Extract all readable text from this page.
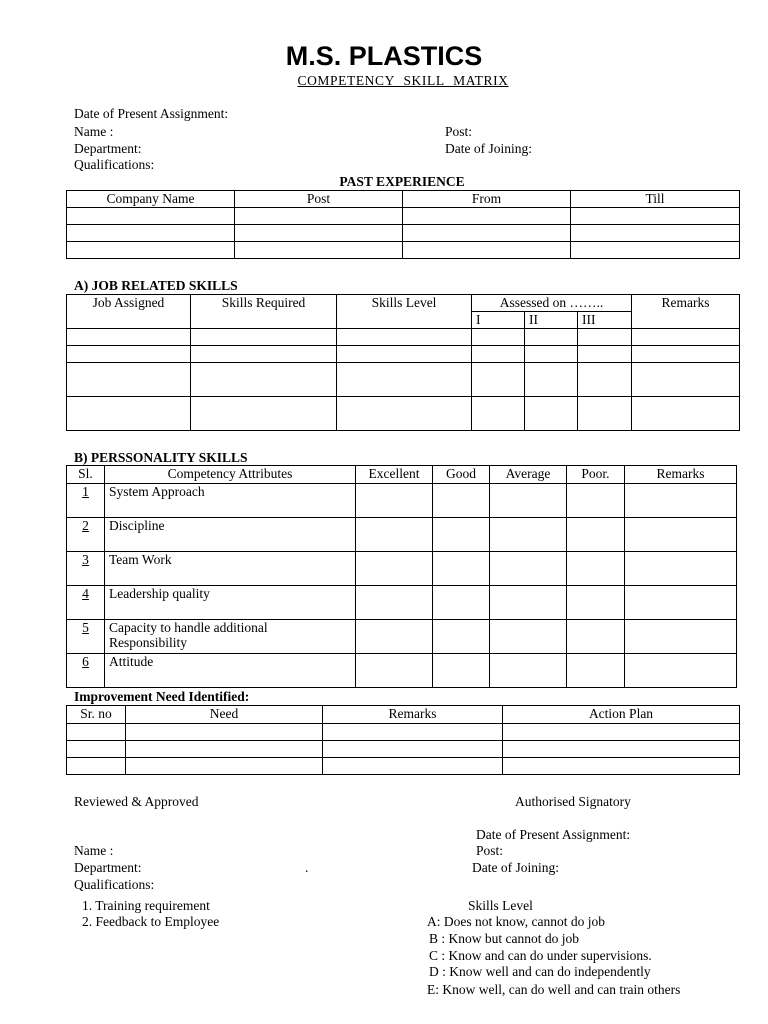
M.S. PLASTICS
COMPETENCY SKILL MATRIX
Date of Present Assignment:
Name :	Post:
Department:	Date of Joining:
Qualifications:
PAST EXPERIENCE
Company Name	Post	From	Till

A) JOB RELATED SKILLS
Job Assigned	Skills Required	Skills Level	Assessed on ……..			Remarks
			I	II	III	

B) PERSSONALITY SKILLS
Sl.	Competency Attributes	Excellent	Good	Average	Poor.	Remarks
1	System Approach					
2	Discipline					
3	Team Work					
4	Leadership quality					
5	Capacity to handle additional
Responsibility					
6	Attitude					
Improvement Need Identified:
Sr. no	Need	Remarks	Action Plan

Reviewed & Approved	Authorised Signatory
Date of Present Assignment:
Name :	Post:
Department:	.	Date of Joining:
Qualifications:
1. Training requirement
2. Feedback to Employee
Skills Level
A: Does not know, cannot do job
B : Know but cannot do job
C : Know and can do under supervisions.
D : Know well and can do independently
E: Know well, can do well and can train others
